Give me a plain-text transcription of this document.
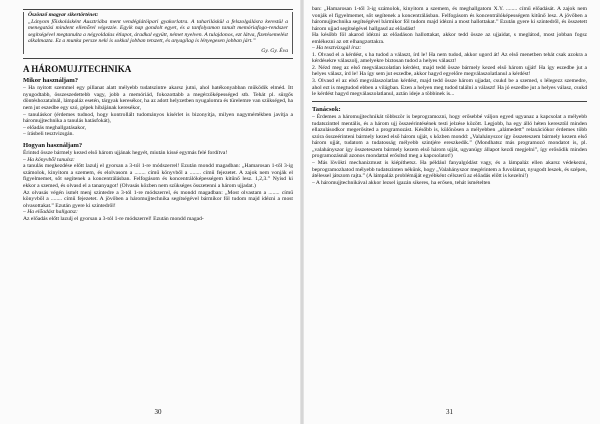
Öszönző magyar sikertörténet:

„Lányom főiskolásként Ausztriába ment vendéglátóipari gyakorlatra. A tahariláskül a felszolgálásra kerestül a menegatási mindent ellenőrel végezzie. Egyik nap gondolt egyet, és a tanfolyamon tanult memóriafogo-rendszer segítségével megtanulta a négyoldalas étlapot, áradkal együtt, német nyelven. A tulajdonos, ezt látva, fizetésemelést alkalmazta. Ez a munka persze neki is sokkal jobban tetszett, és anyagilag is lényegesen jobban járt.”

Gy. Gy. Éva

A HÁROMUJJTECHNIKA

Mikor használjam?

– Ha nyitott szemmel egy pillanat alatt mélyebb tudatszintre akarsz jutni, ahol hatékonyabban működik elméd. Itt nyugodtabb, összeszedettebb vagy, jobb a memóriád, fokozottabb a megérzőképességed stb. Tehát pl. sürgős döntéshozatalnál, lámpaláz esetén, tárgyak keresékor, ha az adott helyzetben nyugalomra és türelemre van szükséged, ha nem jut eszedbe egy szó, gépek hibájának keresékor,

– tanuláskor (érdemes tudnod, hogy kontrollált tudományos kísérlet is bizonyítja, milyen nagymértékben javítja a háromujjtechnika a tanulás hatásfokát),

– előadás meghallgatásakor,

– írásbeli tesztvizsgán.

Hogyan használjam?

Érintsd össze bármely kezed első három ujjának hegyét, miután kissé egymás felé fordítva!

– Ha könyvből tanulsz:

a tanulás megkezdése előtt lazulj el gyorsan a 3-tól 1-re módszerrel! Ezután mondd magadban: „Hamarosan 1-től 3-ig számolok, kinyitom a szemem, és elolvasom a ........ című könyvből a ........ című fejezetet. A zajok nem vonják el figyelmemet, sőt segítenek a koncentrálásban. Felfogásom és koncentrálóképességem kitűnő lesz. 1,2,3.” Nyisd ki ekkor a szemed, és olvasd el a tananyagot! (Olvasás közben nem szükséges összetenni a három ujjadat.)

Az olvasás végén ismét menj szintedre a 3-tól 1-re módszerrel, és mondd magadban: „Most olvastam a ........ című könyvből a ........ című fejezetet. A jövőben a háromujjtechnika segítségével bármikor föl tudom majd idézni a most olvasottakat.” Ezután gyere ki szintedről!

– Ha előadást hallgatsz:

Az előadás előtt lazulj el gyorsan a 3-tól 1-re módszerrel! Ezután mondd magad-

30

ban: „Hamarosan 1-től 3-ig számolok, kinyitom a szemem, és meghallgatom X.Y. ........ című előadását. A zajok nem vonják el figyelmemet, sőt segítenek a koncentrálásban. Felfogásom és koncentrálóképességem kitűnő lesz. A jövőben a háromujjtechnika segítségével bármikor föl tudom majd idézni a most hallottakat.” Ezután gyere ki szintedről, és összetett három ujjad segítségével hallgasd az előadást!

Ha később föl akarod idézni az előadáson hallottakat, akkor tedd össze az ujjaidat, s meglátod, most jobban fogsz emlékezni az ott elhangzottakra.

– Ha tesztvizsgál írsz:

1. Olvasd el a kérdést, s ha tudod a választ, írd le! Ha nem tudod, akkor ugord át! Az első menetben tehát csak azokra a kérdésekre válaszolj, amelyekre biztosan tudod a helyes választ!

2. Nézd meg az első megválaszolatlan kérdést, majd tedd össze bármely kezed első három ujját! Ha így eszedbe jut a helyes válasz, írd le! Ha így sem jut eszedbe, akkor hagyd egyelőre megválaszolatlanul a kérdést!

3. Olvasd el az első megválaszolatlan kérdést, majd tedd össze három ujjadat, csukd be a szemed, s lélegezz szemedre, ahol ezt is megtudod ebben a világban. Ezen a helyen meg tudod találni a választ! Ha jó eszedbe jut a helyes válasz, csukd le kérdést hagyd megválaszolatlanul, aztán ideje a többinek is...

Tanácsok:

– Érdemes a háromujjtechnikát többször is beprogramozni, hogy erősebbé váljon egyed ugyanaz a kapcsolat a mélyebb tudatszinttel mentális, és a három ujj összeérintésének testi jelzése között. Legjobb, ha egy álló héten keresztül minden ellazulásodkor megerősíted a programozást. Később is, különösen a mélyebben „alámedett” relaxációkor érdemes több szóra összeérinteni bármely kezed első három ujját, s közben mondd: „Valahányszor így összeteszem bármely kezem első három ujját, tudatom a tudatosság mélyebb szintjére ereszkedik.” (Mondhatsz más programozó mondatot is, pl. „valahányszor így összeteszem bármely kezem első három ujját, ugyanúgy állapot kezdi megjelni”, így erősödik minden programozásnál azonos mondattal erősítsd meg a kapcsolatot!)

– Más lövökti mechanizmust is kiépíthetsz. Ha például fanyalgódást vagy, és a lámpaláz ellen akarsz védekezni, beprogramozhatod mélyebb tudatszinten nékünk, hogy „Valahányszor megérintem a fuvolámat, nyugodt leszek, és szépen, átélessel játszom rajta.” (A lámpaláz problémáját egyébként célszerű az előadás előtt is kezelni!)

– A háromujjtechnikával akkor lezsel igazán sikeres, ha erősen, tehát ismételten

31
